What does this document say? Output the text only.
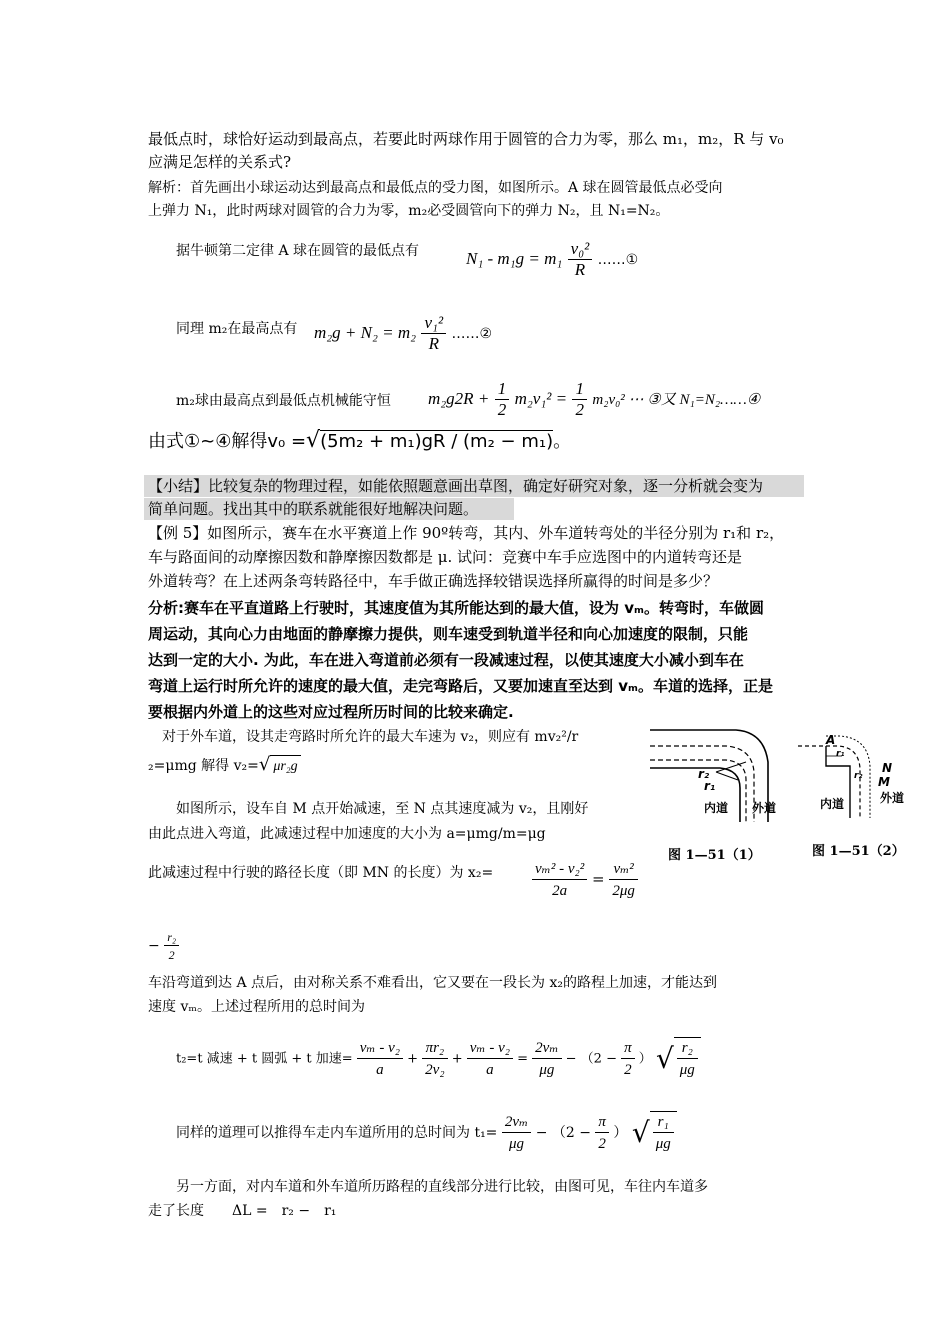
最低点时，球恰好运动到最高点，若要此时两球作用于圆管的合力为零，那么 m₁，m₂，R 与 v₀
应满足怎样的关系式?
解析：首先画出小球运动达到最高点和最低点的受力图，如图所示。A 球在圆管最低点必受向
上弹力 N₁，此时两球对圆管的合力为零，m₂必受圆管向下的弹力 N₂，且 N₁=N₂。
据牛顿第二定律 A 球在圆管的最低点有	$N_1 - m_1g = m_1 \frac{\text{v₀²}}{R}$ ……①
同理 m₂在最高点有 $m_2g + N_2 = m_2 \frac{\text{v₁²}}{R}$ ……②
m₂球由最高点到最低点机械能守恒 $m_2g2R + \frac{1}{2} m_2v_1^2 = \frac{1}{2} m_2v_0^2$ ⋯ ③又 N₁=N₂……④
由式①~④解得v₀ =√(5m₂ + m₁)gR / (m₂ − m₁)。
【小结】比较复杂的物理过程，如能依照题意画出草图，确定好研究对象，逐一分析就会变为
简单问题。找出其中的联系就能很好地解决问题。
【例 5】如图所示，赛车在水平赛道上作 90º转弯，其内、外车道转弯处的半径分别为 r₁和 r₂，
车与路面间的动摩擦因数和静摩擦因数都是 μ. 试问：竞赛中车手应选图中的内道转弯还是
外道转弯？在上述两条弯转路径中，车手做正确选择较错误选择所赢得的时间是多少？
分析:赛车在平直道路上行驶时，其速度值为其所能达到的最大值，设为 vₘ。转弯时，车做圆
周运动，其向心力由地面的静摩擦力提供，则车速受到轨道半径和向心加速度的限制，只能
达到一定的大小. 为此，车在进入弯道前必须有一段减速过程，以使其速度大小减小到车在
弯道上运行时所允许的速度的最大值，走完弯路后，又要加速直至达到 vₘ。车道的选择，正是
要根据内外道上的这些对应过程所历时间的比较来确定.
对于外车道，设其走弯路时所允许的最大车速为 v₂，则应有 mv₂²/r
₂=μmg 解得 v₂=√ μr₂g
如图所示，设车自 M 点开始减速，至 N 点其速度减为 v₂，且刚好
由此点进入弯道，此减速过程中加速度的大小为 a=μmg/m=μg
此减速过程中行驶的路径长度（即 MN 的长度）为 x₂=	$\frac{\text{vₘ² - v₂²}}{2a} = \frac{\text{vₘ²}}{2\mu g}$
− $\frac{\text{r₂}}{2}$
车沿弯道到达 A 点后，由对称关系不难看出，它又要在一段长为 x₂的路程上加速，才能达到
速度 vₘ。上述过程所用的总时间为
t₂=t 减速 + t 圆弧 + t 加速= $\frac{\text{vₘ - v₂}}{a} + \frac{\text{πr₂}}{\text{2v₂}} + \frac{\text{vₘ - v₂}}{a} = \frac{\text{2vₘ}}{\mu g} - (2 - \frac{\pi}{2}$ ） √ $\frac{\text{r₂}}{\mu g}$
同样的道理可以推得车走内车道所用的总时间为 $t_1= \frac{\text{2vₘ}}{\mu g} - (2 - \frac{\pi}{2}$ ） √ $\frac{\text{r₁}}{\mu g}$
另一方面，对内车道和外车道所历路程的直线部分进行比较，由图可见，车往内车道多
走了长度　　ΔL =　r₂ −　r₁
r₂
r₁
内道 外道
图 1—51（1）
A
r₁
r₂
N
M
内道	外道
图 1—51（2）
